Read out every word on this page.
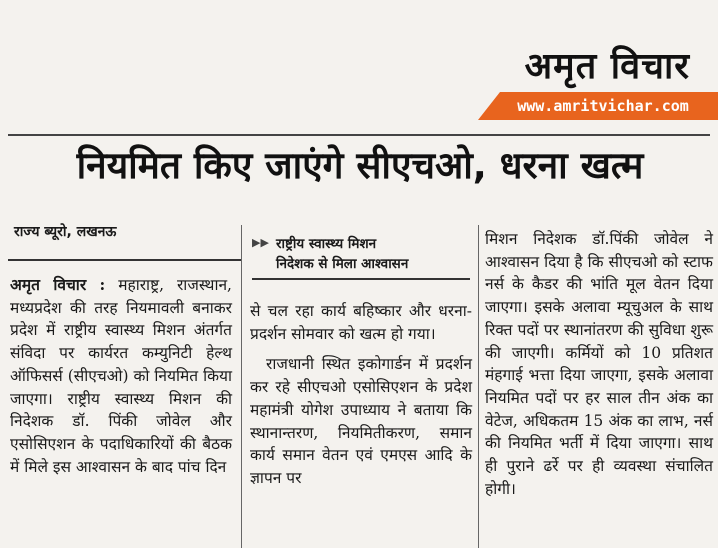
अमृत विचार
www.amritvichar.com
नियमित किए जाएंगे सीएचओ, धरना खत्म
राज्य ब्यूरो, लखनऊ
▶▶ राष्ट्रीय स्वास्थ्य मिशन
निदेशक से मिला आश्वासन
अमृत विचार : महाराष्ट्र, राजस्थान, मध्यप्रदेश की तरह नियमावली बनाकर प्रदेश में राष्ट्रीय स्वास्थ्य मिशन अंतर्गत संविदा पर कार्यरत कम्युनिटी हेल्थ ऑफिसर्स (सीएचओ) को नियमित किया जाएगा। राष्ट्रीय स्वास्थ्य मिशन की निदेशक डॉ. पिंकी जोवेल और एसोसिएशन के पदाधिकारियों की बैठक में मिले इस आश्वासन के बाद पांच दिन

से चल रहा कार्य बहिष्कार और धरना-प्रदर्शन सोमवार को खत्म हो गया।

राजधानी स्थित इकोगार्डन में प्रदर्शन कर रहे सीएचओ एसोसिएशन के प्रदेश महामंत्री योगेश उपाध्याय ने बताया कि स्थानान्तरण, नियमितीकरण, समान कार्य समान वेतन एवं एमएस आदि के ज्ञापन पर

मिशन निदेशक डॉ.पिंकी जोवेल ने आश्वासन दिया है कि सीएचओ को स्टाफ नर्स के कैडर की भांति मूल वेतन दिया जाएगा। इसके अलावा म्यूचुअल के साथ रिक्त पदों पर स्थानांतरण की सुविधा शुरू की जाएगी। कर्मियों को 10 प्रतिशत मंहगाई भत्ता दिया जाएगा, इसके अलावा नियमित पदों पर हर साल तीन अंक का वेटेज, अधिकतम 15 अंक का लाभ, नर्स की नियमित भर्ती में दिया जाएगा। साथ ही पुराने ढर्रे पर ही व्यवस्था संचालित होगी।
